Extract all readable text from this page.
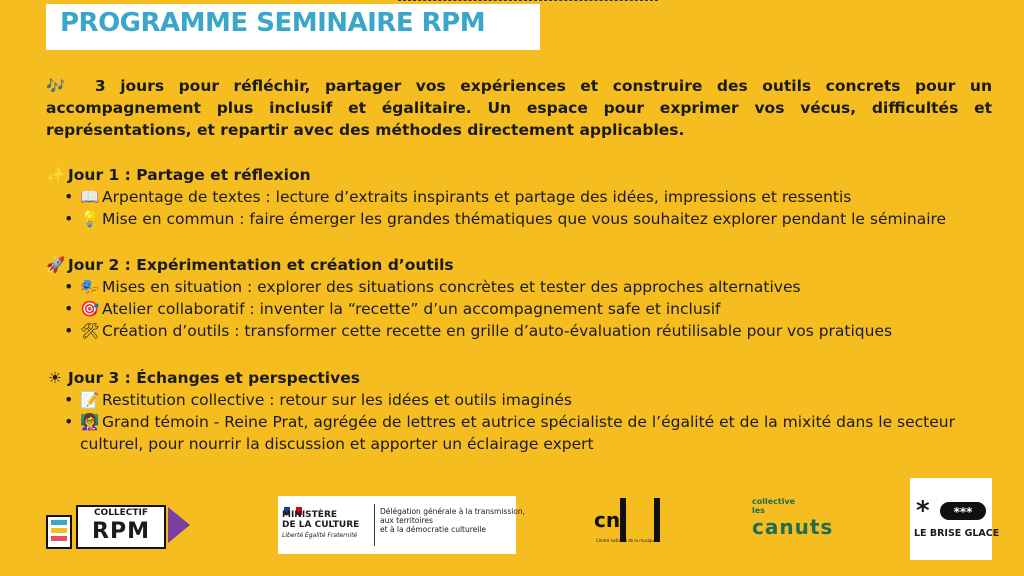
PROGRAMME SEMINAIRE RPM

🎶 3 jours pour réfléchir, partager vos expériences et construire des outils concrets pour un accompagnement plus inclusif et égalitaire. Un espace pour exprimer vos vécus, difficultés et représentations, et repartir avec des méthodes directement applicables.

✨ Jour 1 : Partage et réflexion
• 📖 Arpentage de textes : lecture d’extraits inspirants et partage des idées, impressions et ressentis
• 💡 Mise en commun : faire émerger les grandes thématiques que vous souhaitez explorer pendant le séminaire
🚀 Jour 2 : Expérimentation et création d’outils
• 🎭 Mises en situation : explorer des situations concrètes et tester des approches alternatives
• 🎯 Atelier collaboratif : inventer la “recette” d’un accompagnement safe et inclusif
• 🛠 Création d’outils : transformer cette recette en grille d’auto-évaluation réutilisable pour vos pratiques
☀ Jour 3 : Échanges et perspectives
• 📝 Restitution collective : retour sur les idées et outils imaginés
• 👩‍🏫 Grand témoin - Reine Prat, agrégée de lettres et autrice spécialiste de l’égalité et de la mixité dans le secteur culturel, pour nourrir la discussion et apporter un éclairage expert
COLLECTIF
RPM
MINISTÈRE
DE LA CULTURE
Liberté Égalité Fraternité
Délégation générale à la transmission,
aux territoires
et à la démocratie culturelle	cn
Centre national de la musique
collective
les
canuts
*	***
LE BRISE GLACE
